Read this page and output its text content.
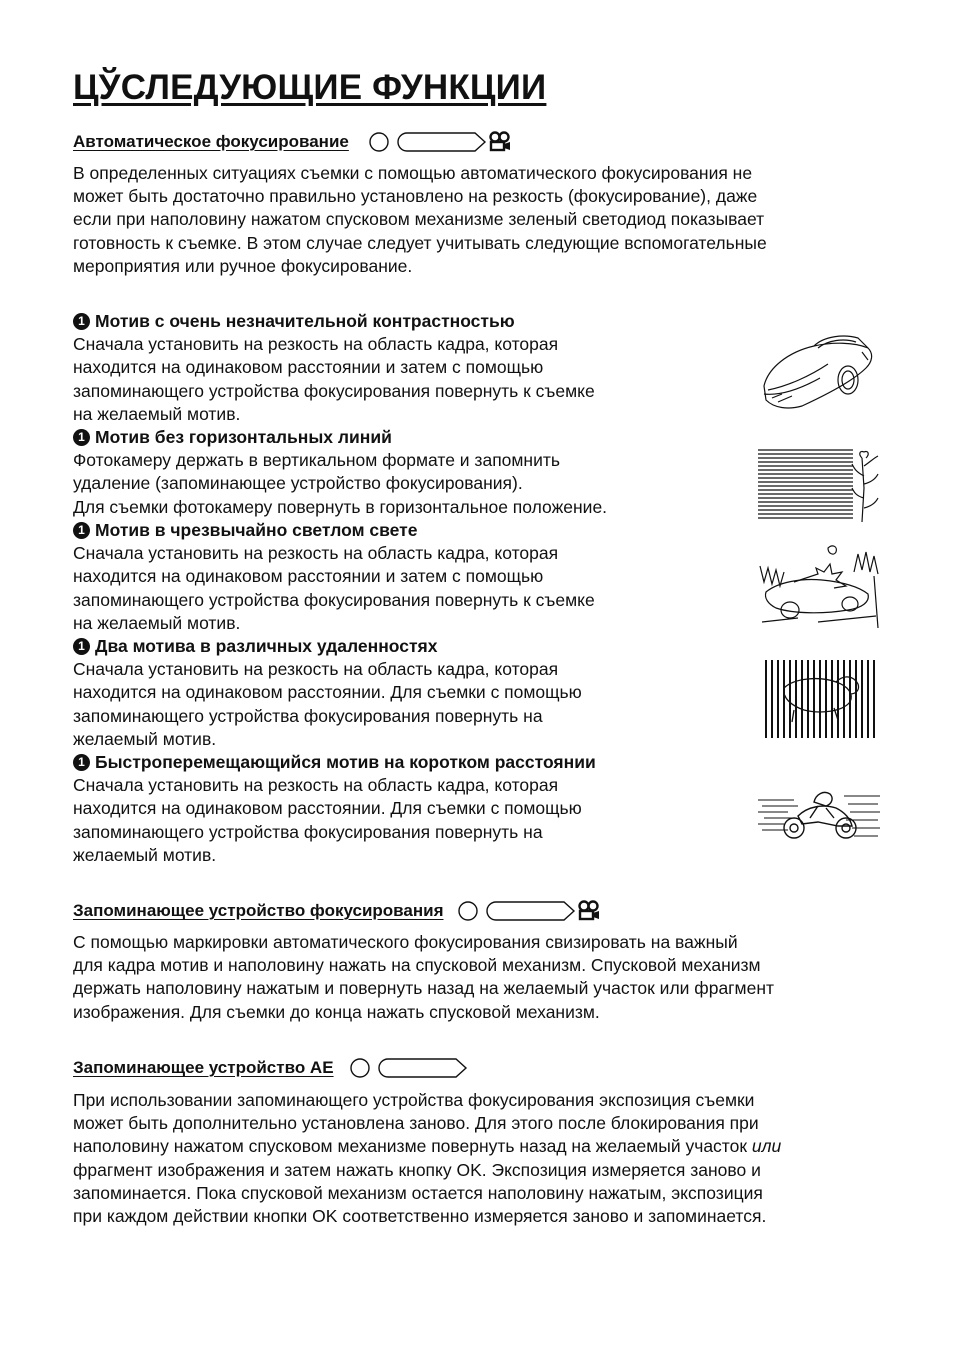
ЦЎСЛЕДУЮЩИЕ ФУНКЦИИ
Автоматическое фокусирование
В определенных ситуациях съемки с помощью автоматического фокусирования не
может быть достаточно правильно установлено на резкость (фокусирование), даже
если при наполовину нажатом спусковом механизме зеленый светодиод показывает
готовность к съемке. В этом случае следует учитывать следующие вспомогательные
мероприятия или ручное фокусирование.
1 Мотив с очень незначительной контрастностью
Сначала установить на резкость на область кадра, которая
находится на одинаковом расстоянии и затем с помощью
запоминающего устройства фокусирования повернуть к съемке
на желаемый мотив.
1 Мотив без горизонтальных линий
Фотокамеру держать в вертикальном формате и запомнить
удаление (запоминающее устройство фокусирования).
Для съемки фотокамеру повернуть в горизонтальное положение.
1 Мотив в чрезвычайно светлом свете
Сначала установить на резкость на область кадра, которая
находится на одинаковом расстоянии и затем с помощью
запоминающего устройства фокусирования повернуть к съемке
на желаемый мотив.
1 Два мотива в различных удаленностях
Сначала установить на резкость на область кадра, которая
находится на одинаковом расстоянии. Для съемки с помощью
запоминающего устройства фокусирования повернуть на
желаемый мотив.
1 Быстроперемещающийся мотив на коротком расстоянии
Сначала установить на резкость на область кадра, которая
находится на одинаковом расстоянии. Для съемки с помощью
запоминающего устройства фокусирования повернуть на
желаемый мотив.
Запоминающее устройство фокусирования
С помощью маркировки автоматического фокусирования свизировать на важный
для кадра мотив и наполовину нажать на спусковой механизм. Спусковой механизм
держать наполовину нажатым и повернуть назад на желаемый участок или фрагмент
изображения. Для съемки до конца нажать спусковой механизм.
Запоминающее устройство AE
При использовании запоминающего устройства фокусирования экспозиция съемки
может быть дополнительно установлена заново. Для этого после блокирования при
наполовину нажатом спусковом механизме повернуть назад на желаемый участок или
фрагмент изображения и затем нажать кнопку OK. Экспозиция измеряется заново и
запоминается. Пока спусковой механизм остается наполовину нажатым, экспозиция
при каждом действии кнопки OK соответственно измеряется заново и запоминается.
